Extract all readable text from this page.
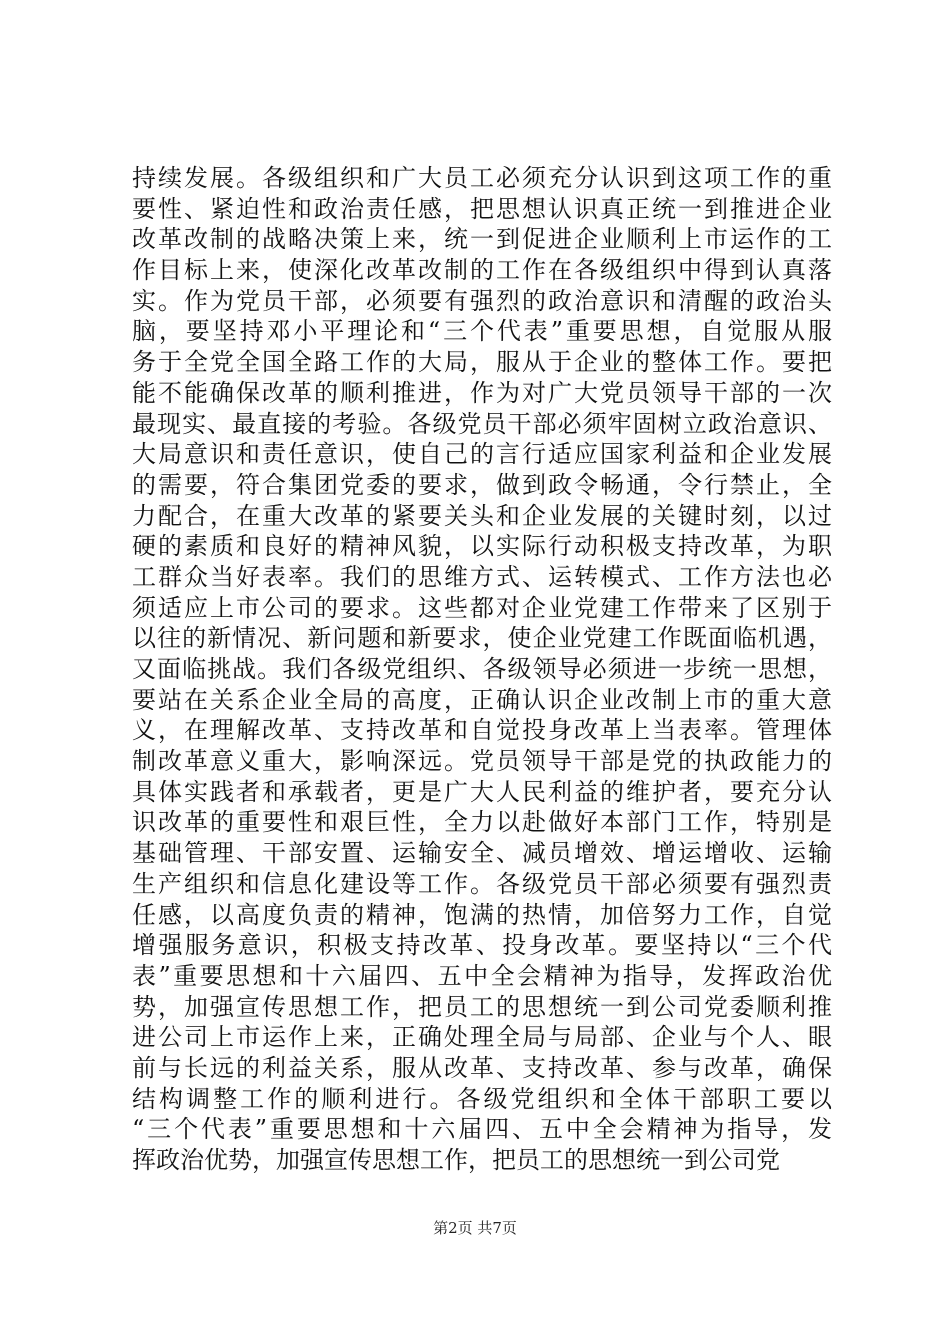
持续发展。各级组织和广大员工必须充分认识到这项工作的重
要性、紧迫性和政治责任感，把思想认识真正统一到推进企业
改革改制的战略决策上来，统一到促进企业顺利上市运作的工
作目标上来，使深化改革改制的工作在各级组织中得到认真落
实。作为党员干部，必须要有强烈的政治意识和清醒的政治头
脑，要坚持邓小平理论和“三个代表”重要思想，自觉服从服
务于全党全国全路工作的大局，服从于企业的整体工作。要把
能不能确保改革的顺利推进，作为对广大党员领导干部的一次
最现实、最直接的考验。各级党员干部必须牢固树立政治意识、
大局意识和责任意识，使自己的言行适应国家利益和企业发展
的需要，符合集团党委的要求，做到政令畅通，令行禁止，全
力配合，在重大改革的紧要关头和企业发展的关键时刻，以过
硬的素质和良好的精神风貌，以实际行动积极支持改革，为职
工群众当好表率。我们的思维方式、运转模式、工作方法也必
须适应上市公司的要求。这些都对企业党建工作带来了区别于
以往的新情况、新问题和新要求，使企业党建工作既面临机遇，
又面临挑战。我们各级党组织、各级领导必须进一步统一思想，
要站在关系企业全局的高度，正确认识企业改制上市的重大意
义，在理解改革、支持改革和自觉投身改革上当表率。管理体
制改革意义重大，影响深远。党员领导干部是党的执政能力的
具体实践者和承载者，更是广大人民利益的维护者，要充分认
识改革的重要性和艰巨性，全力以赴做好本部门工作，特别是
基础管理、干部安置、运输安全、减员增效、增运增收、运输
生产组织和信息化建设等工作。各级党员干部必须要有强烈责
任感，以高度负责的精神，饱满的热情，加倍努力工作，自觉
增强服务意识，积极支持改革、投身改革。要坚持以“三个代
表”重要思想和十六届四、五中全会精神为指导，发挥政治优
势，加强宣传思想工作，把员工的思想统一到公司党委顺利推
进公司上市运作上来，正确处理全局与局部、企业与个人、眼
前与长远的利益关系，服从改革、支持改革、参与改革，确保
结构调整工作的顺利进行。各级党组织和全体干部职工要以
“三个代表”重要思想和十六届四、五中全会精神为指导，发
挥政治优势，加强宣传思想工作，把员工的思想统一到公司党
第2页 共7页
